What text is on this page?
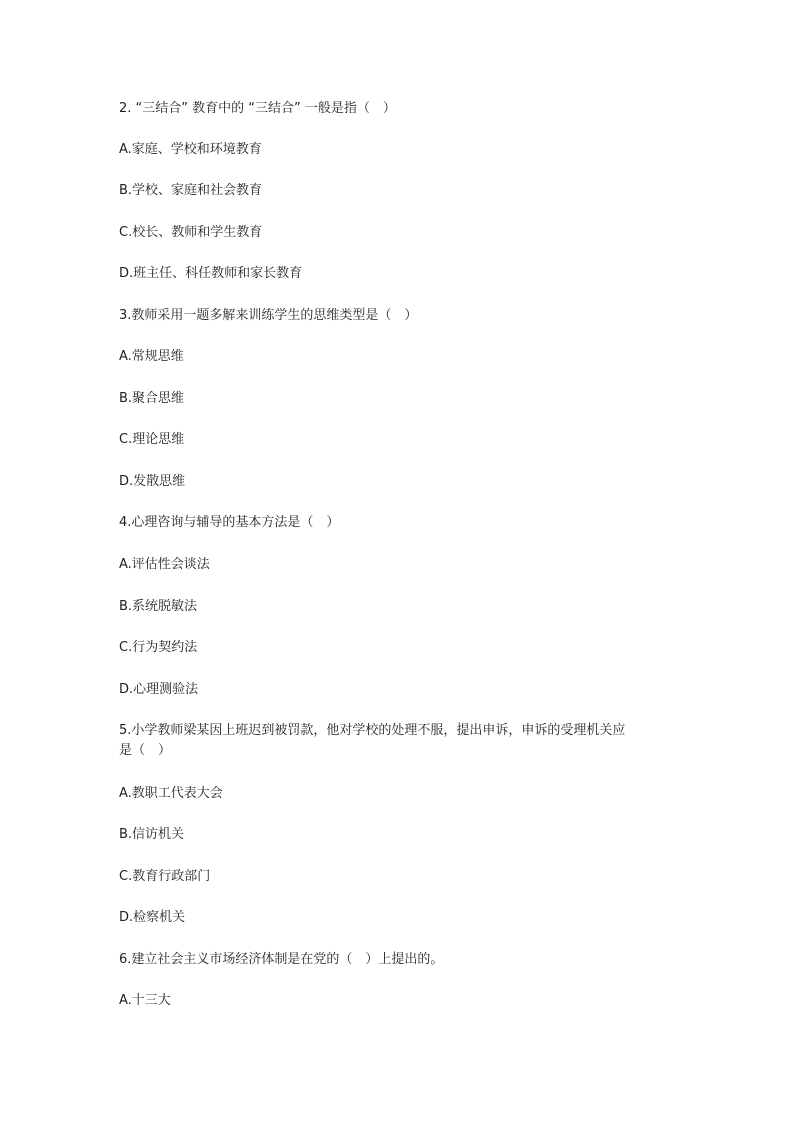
2. “三结合” 教育中的 “三结合” 一般是指（　）
A.家庭、学校和环境教育
B.学校、家庭和社会教育
C.校长、教师和学生教育
D.班主任、科任教师和家长教育
3.教师采用一题多解来训练学生的思维类型是（　）
A.常规思维
B.聚合思维
C.理论思维
D.发散思维
4.心理咨询与辅导的基本方法是（　）
A.评估性会谈法
B.系统脱敏法
C.行为契约法
D.心理测验法
5.小学教师梁某因上班迟到被罚款，他对学校的处理不服，提出申诉，申诉的受理机关应
是（　）
A.教职工代表大会
B.信访机关
C.教育行政部门
D.检察机关
6.建立社会主义市场经济体制是在党的（　）上提出的。
A.十三大
